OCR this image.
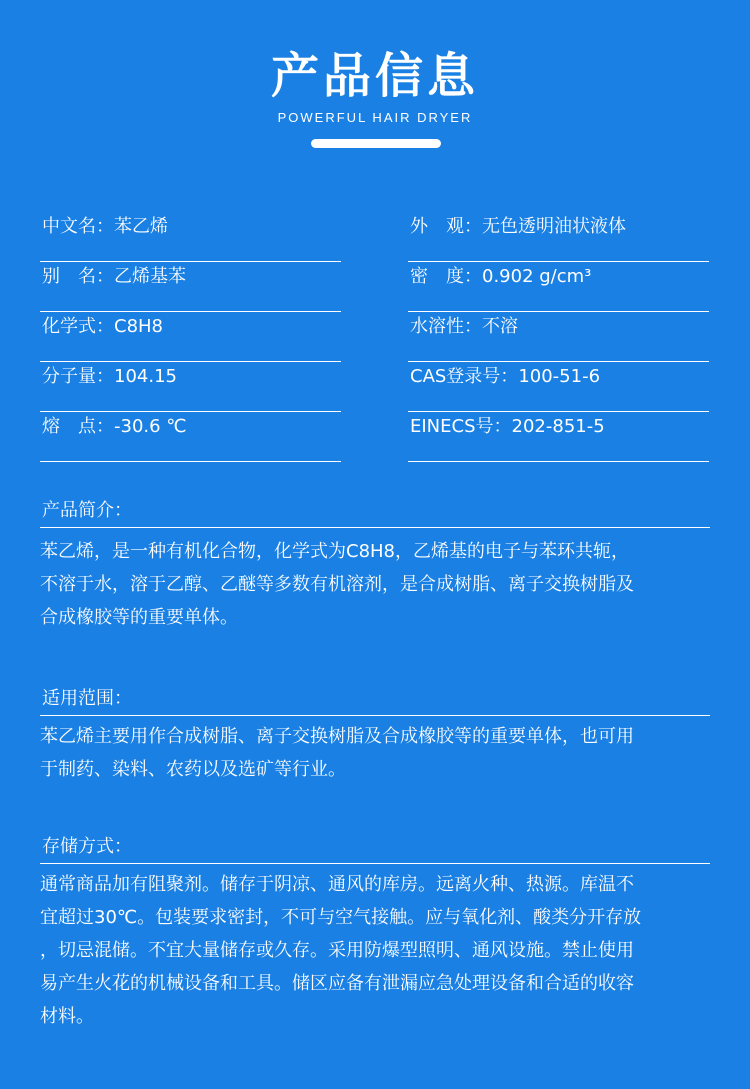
产品信息
POWERFUL HAIR DRYER
中文名：苯乙烯
别　名：乙烯基苯
化学式：C8H8
分子量：104.15
熔　点：-30.6 ℃
外　观：无色透明油状液体
密　度：0.902 g/cm³
水溶性：不溶
CAS登录号：100-51-6
EINECS号：202-851-5
产品简介：
苯乙烯，是一种有机化合物，化学式为C8H8，乙烯基的电子与苯环共轭，
不溶于水，溶于乙醇、乙醚等多数有机溶剂，是合成树脂、离子交换树脂及
合成橡胶等的重要单体。
适用范围：
苯乙烯主要用作合成树脂、离子交换树脂及合成橡胶等的重要单体，也可用
于制药、染料、农药以及选矿等行业。
存储方式：
通常商品加有阻聚剂。储存于阴凉、通风的库房。远离火种、热源。库温不
宜超过30℃。包装要求密封，不可与空气接触。应与氧化剂、酸类分开存放
，切忌混储。不宜大量储存或久存。采用防爆型照明、通风设施。禁止使用
易产生火花的机械设备和工具。储区应备有泄漏应急处理设备和合适的收容
材料。
